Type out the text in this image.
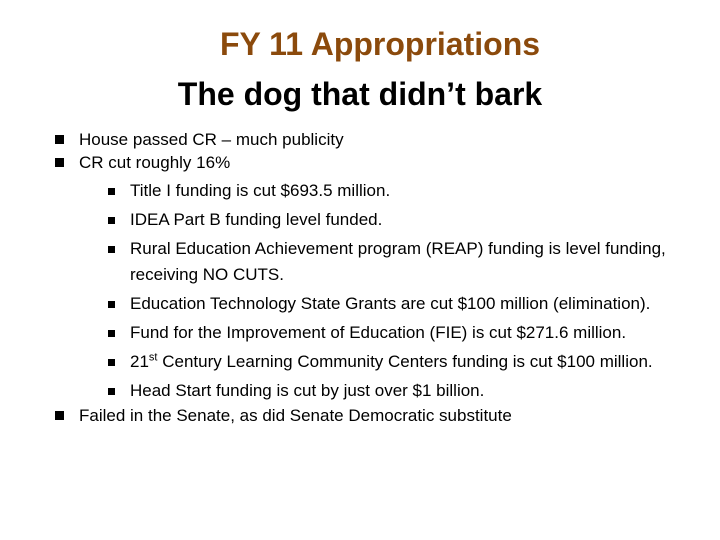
FY 11 Appropriations
The dog that didn’t bark
House passed CR – much publicity
CR cut roughly 16%
Title I funding is cut $693.5 million.
IDEA Part B funding level funded.
Rural Education Achievement program (REAP) funding is level funding,
receiving NO CUTS.
Education Technology State Grants are cut $100 million (elimination).
Fund for the Improvement of Education (FIE) is cut $271.6 million.
21st Century Learning Community Centers funding is cut $100 million.
Head Start funding is cut by just over $1 billion.
Failed in the Senate, as did Senate Democratic substitute
